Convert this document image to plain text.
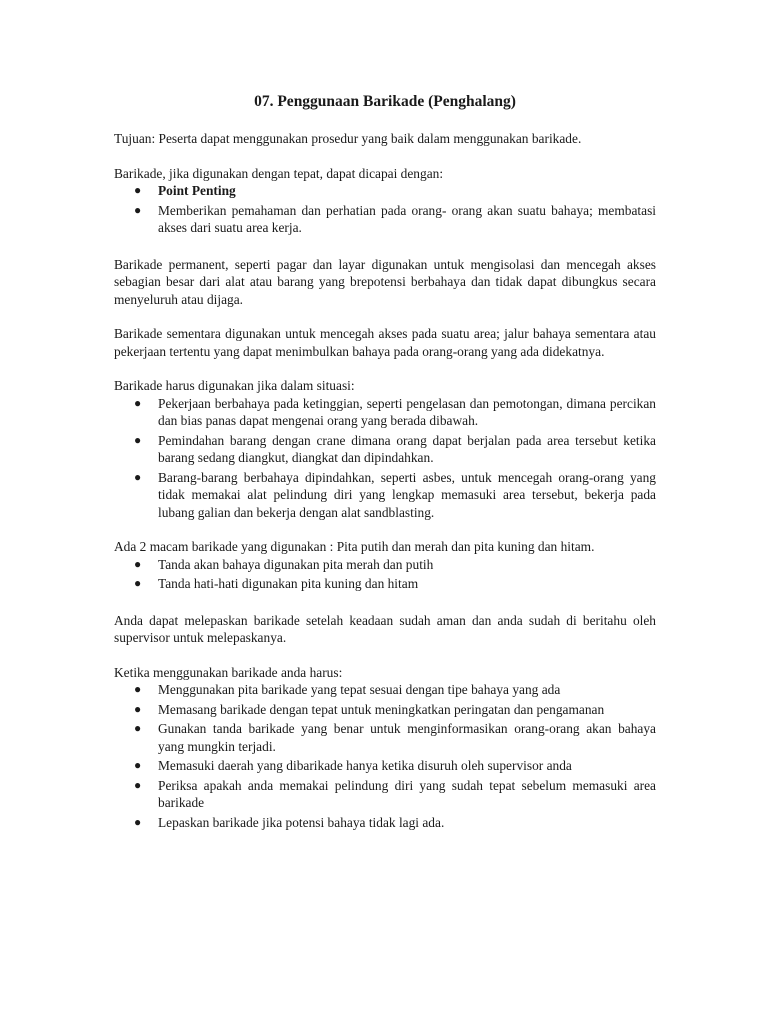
07. Penggunaan Barikade (Penghalang)

Tujuan: Peserta dapat menggunakan prosedur yang baik dalam menggunakan barikade.

Barikade, jika digunakan dengan tepat, dapat dicapai dengan:

● Point Penting
● Memberikan pemahaman dan perhatian pada orang- orang akan suatu bahaya; membatasi akses dari suatu area kerja.

Barikade permanent, seperti pagar dan layar digunakan untuk mengisolasi dan mencegah akses sebagian besar dari alat atau barang yang brepotensi berbahaya dan tidak dapat dibungkus secara menyeluruh atau dijaga.

Barikade sementara digunakan untuk mencegah akses pada suatu area; jalur bahaya sementara atau pekerjaan tertentu yang dapat menimbulkan bahaya pada orang-orang yang ada didekatnya.

Barikade harus digunakan jika dalam situasi:

● Pekerjaan berbahaya pada ketinggian, seperti pengelasan dan pemotongan, dimana percikan dan bias panas dapat mengenai orang yang berada dibawah.
● Pemindahan barang dengan crane dimana orang dapat berjalan pada area tersebut ketika barang sedang diangkut, diangkat dan dipindahkan.
● Barang-barang berbahaya dipindahkan, seperti asbes, untuk mencegah orang-orang yang tidak memakai alat pelindung diri yang lengkap memasuki area tersebut, bekerja pada lubang galian dan bekerja dengan alat sandblasting.

Ada 2 macam barikade yang digunakan : Pita putih dan merah dan pita kuning dan hitam.

● Tanda akan bahaya digunakan pita merah dan putih
● Tanda hati-hati digunakan pita kuning dan hitam

Anda dapat melepaskan barikade setelah keadaan sudah aman dan anda sudah di beritahu oleh supervisor untuk melepaskanya.

Ketika menggunakan barikade anda harus:

● Menggunakan pita barikade yang tepat sesuai dengan tipe bahaya yang ada
● Memasang barikade dengan tepat untuk meningkatkan peringatan dan pengamanan
● Gunakan tanda barikade yang benar untuk menginformasikan orang-orang akan bahaya yang mungkin terjadi.
● Memasuki daerah yang dibarikade hanya ketika disuruh oleh supervisor anda
● Periksa apakah anda memakai pelindung diri yang sudah tepat sebelum memasuki area barikade
● Lepaskan barikade jika potensi bahaya tidak lagi ada.
